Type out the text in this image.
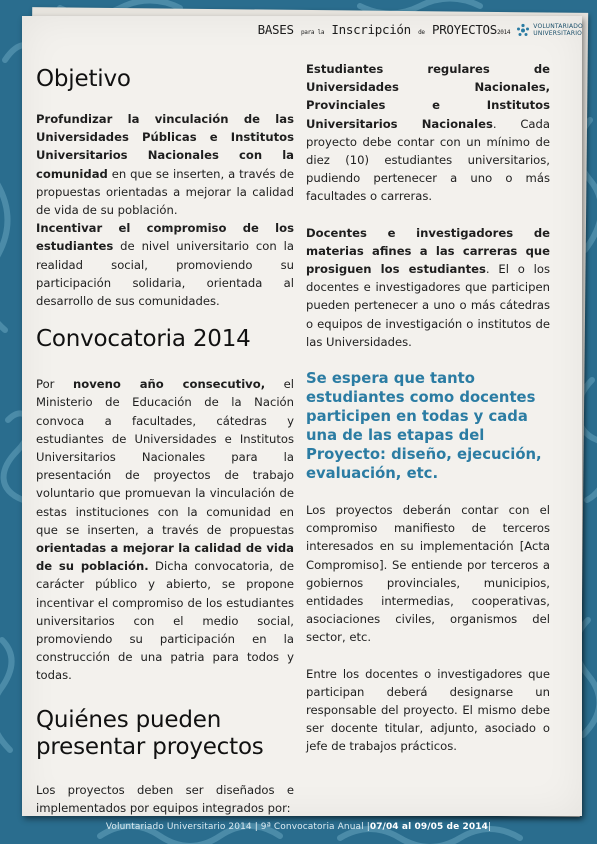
BASES para la Inscripción de PROYECTOS2014
VOLUNTARIADO
UNIVERSITARIO
Objetivo

Profundizar la vinculación de las Universidades Públicas e Institutos Universitarios Nacionales con la comunidad en que se inserten, a través de propuestas orientadas a mejorar la calidad de vida de su población.

Incentivar el compromiso de los estudiantes de nivel universitario con la realidad social, promoviendo su participación solidaria, orientada al desarrollo de sus comunidades.

Convocatoria 2014

Por noveno año consecutivo, el Ministerio de Educación de la Nación convoca a facultades, cátedras y estudiantes de Universidades e Institutos Universitarios Nacionales para la presentación de proyectos de trabajo voluntario que promuevan la vinculación de estas instituciones con la comunidad en que se inserten, a través de propuestas orientadas a mejorar la calidad de vida de su población. Dicha convocatoria, de carácter público y abierto, se propone incentivar el compromiso de los estudiantes universitarios con el medio social, promoviendo su participación en la construcción de una patria para todos y todas.

Quiénes pueden presentar proyectos

Los proyectos deben ser diseñados e implementados por equipos integrados por:

Estudiantes regulares de Universidades Nacionales, Provinciales e Institutos Universitarios Nacionales. Cada proyecto debe contar con un mínimo de diez (10) estudiantes universitarios, pudiendo pertenecer a uno o más facultades o carreras.

Docentes e investigadores de materias afines a las carreras que prosiguen los estudiantes. El o los docentes e investigadores que participen pueden pertenecer a uno o más cátedras o equipos de investigación o institutos de las Universidades.

Se espera que tanto estudiantes como docentes participen en todas y cada una de las etapas del Proyecto: diseño, ejecución, evaluación, etc.

Los proyectos deberán contar con el compromiso manifiesto de terceros interesados en su implementación [Acta Compromiso]. Se entiende por terceros a gobiernos provinciales, municipios, entidades intermedias, cooperativas, asociaciones civiles, organismos del sector, etc.

Entre los docentes o investigadores que participan deberá designarse un responsable del proyecto. El mismo debe ser docente titular, adjunto, asociado o jefe de trabajos prácticos.

Voluntariado Universitario 2014 | 9ª Convocatoria Anual |07/04 al 09/05 de 2014|
